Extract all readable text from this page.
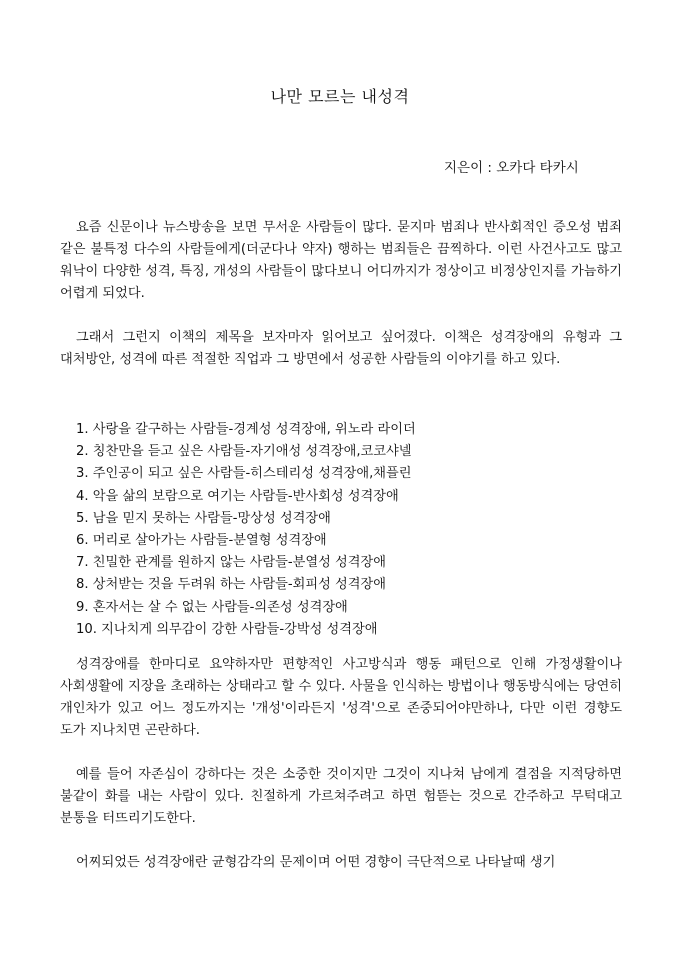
나만 모르는 내성격
지은이 : 오카다 타카시

요즘 신문이나 뉴스방송을 보면 무서운 사람들이 많다. 묻지마 범죄나 반사회적인 증오성 범죄 같은 불특정 다수의 사람들에게(더군다나 약자) 행하는 범죄들은 끔찍하다. 이런 사건사고도 많고 워낙이 다양한 성격, 특징, 개성의 사람들이 많다보니 어디까지가 정상이고 비정상인지를 가늠하기 어렵게 되었다.

그래서 그런지 이책의 제목을 보자마자 읽어보고 싶어졌다. 이책은 성격장애의 유형과 그 대처방안, 성격에 따른 적절한 직업과 그 방면에서 성공한 사람들의 이야기를 하고 있다.

1. 사랑을 갈구하는 사람들-경계성 성격장애, 위노라 라이더
2. 칭찬만을 듣고 싶은 사람들-자기애성 성격장애,코코샤넬
3. 주인공이 되고 싶은 사람들-히스테리성 성격장애,채플린
4. 악을 삶의 보람으로 여기는 사람들-반사회성 성격장애
5. 남을 믿지 못하는 사람들-망상성 성격장애
6. 머리로 살아가는 사람들-분열형 성격장애
7. 친밀한 관계를 원하지 않는 사람들-분열성 성격장애
8. 상처받는 것을 두려워 하는 사람들-회피성 성격장애
9. 혼자서는 살 수 없는 사람들-의존성 성격장애
10. 지나치게 의무감이 강한 사람들-강박성 성격장애

성격장애를 한마디로 요약하자만 편향적인 사고방식과 행동 패턴으로 인해 가정생활이나 사회생활에 지장을 초래하는 상태라고 할 수 있다. 사물을 인식하는 방법이나 행동방식에는 당연히 개인차가 있고 어느 정도까지는 '개성'이라든지 '성격'으로 존중되어야만하나, 다만 이런 경향도 도가 지나치면 곤란하다.

예를 들어 자존심이 강하다는 것은 소중한 것이지만 그것이 지나쳐 남에게 결점을 지적당하면 불같이 화를 내는 사람이 있다. 친절하게 가르쳐주려고 하면 험뜯는 것으로 간주하고 무턱대고 분통을 터뜨리기도한다.

어찌되었든 성격장애란 균형감각의 문제이며 어떤 경향이 극단적으로 나타날때 생기
